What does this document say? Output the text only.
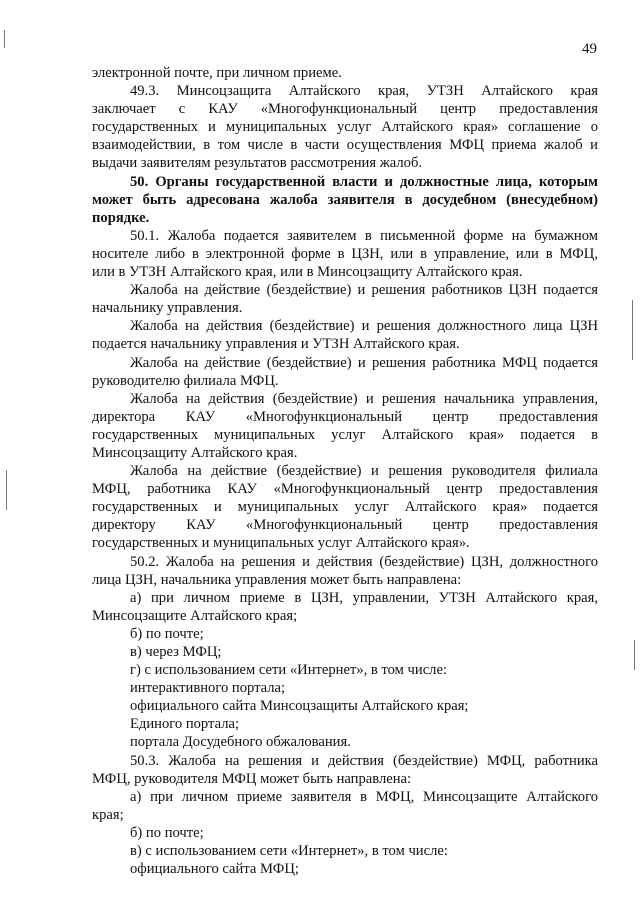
49
электронной почте, при личном приеме.
49.3. Минсоцзащита Алтайского края, УТЗН Алтайского края
заключает с КАУ «Многофункциональный центр предоставления
государственных и муниципальных услуг Алтайского края» соглашение о
взаимодействии, в том числе в части осуществления МФЦ приема жалоб и
выдачи заявителям результатов рассмотрения жалоб.
50. Органы государственной власти и должностные лица, которым
может быть адресована жалоба заявителя в досудебном (внесудебном)
порядке.
50.1. Жалоба подается заявителем в письменной форме на бумажном
носителе либо в электронной форме в ЦЗН, или в управление, или в МФЦ,
или в УТЗН Алтайского края, или в Минсоцзащиту Алтайского края.
Жалоба на действие (бездействие) и решения работников ЦЗН подается
начальнику управления.
Жалоба на действия (бездействие) и решения должностного лица ЦЗН
подается начальнику управления и УТЗН Алтайского края.
Жалоба на действие (бездействие) и решения работника МФЦ подается
руководителю филиала МФЦ.
Жалоба на действия (бездействие) и решения начальника управления,
директора КАУ «Многофункциональный центр предоставления
государственных муниципальных услуг Алтайского края» подается в
Минсоцзащиту Алтайского края.
Жалоба на действие (бездействие) и решения руководителя филиала
МФЦ, работника КАУ «Многофункциональный центр предоставления
государственных и муниципальных услуг Алтайского края» подается
директору КАУ «Многофункциональный центр предоставления
государственных и муниципальных услуг Алтайского края».
50.2. Жалоба на решения и действия (бездействие) ЦЗН, должностного
лица ЦЗН, начальника управления может быть направлена:
а) при личном приеме в ЦЗН, управлении, УТЗН Алтайского края,
Минсоцзащите Алтайского края;
б) по почте;
в) через МФЦ;
г) с использованием сети «Интернет», в том числе:
интерактивного портала;
официального сайта Минсоцзащиты Алтайского края;
Единого портала;
портала Досудебного обжалования.
50.3. Жалоба на решения и действия (бездействие) МФЦ, работника
МФЦ, руководителя МФЦ может быть направлена:
а) при личном приеме заявителя в МФЦ, Минсоцзащите Алтайского
края;
б) по почте;
в) с использованием сети «Интернет», в том числе:
официального сайта МФЦ;
